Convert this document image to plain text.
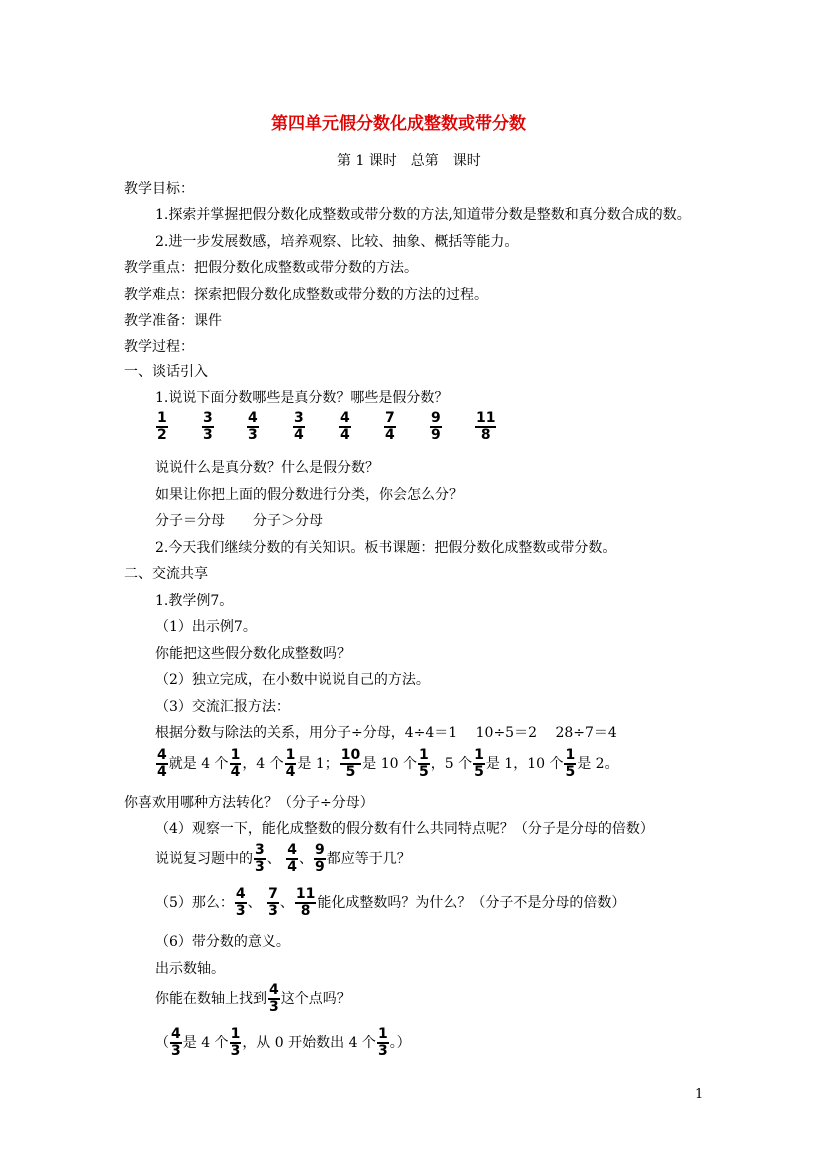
第四单元假分数化成整数或带分数
第 1 课时　总第　课时
教学目标：
1.探索并掌握把假分数化成整数或带分数的方法,知道带分数是整数和真分数合成的数。
2.进一步发展数感，培养观察、比较、抽象、概括等能力。
教学重点：把假分数化成整数或带分数的方法。
教学难点：探索把假分数化成整数或带分数的方法的过程。
教学准备：课件
教学过程：
一、谈话引入
1.说说下面分数哪些是真分数？哪些是假分数？
$\frac{1}{2} \frac{3}{3} \frac{4}{3} \frac{3}{4} \frac{4}{4} \frac{7}{4} \frac{9}{9} \frac{11}{8}$
说说什么是真分数？什么是假分数？
如果让你把上面的假分数进行分类，你会怎么分？
分子＝分母　　分子＞分母
2.今天我们继续分数的有关知识。板书课题：把假分数化成整数或带分数。
二、交流共享
1.教学例7。
（1）出示例7。
你能把这些假分数化成整数吗？
（2）独立完成，在小数中说说自己的方法。
（3）交流汇报方法：
根据分数与除法的关系，用分子÷分母，4÷4＝1　 10÷5＝2　 28÷7＝4
$\frac{4}{4}$ 就是 4 个 $\frac{1}{4}$ ，4 个 $\frac{1}{4}$ 是 1； $\frac{10}{5}$ 是 10 个 $\frac{1}{5}$ ，5 个 $\frac{1}{5}$ 是 1，10 个 $\frac{1}{5}$ 是 2。
你喜欢用哪种方法转化？（分子÷分母）
（4）观察一下，能化成整数的假分数有什么共同特点呢？（分子是分母的倍数）
说说复习题中的 $\frac{3}{3}$ 、 $\frac{4}{4}$ 、 $\frac{9}{9}$ 都应等于几？
（5）那么： $\frac{4}{3}$ 、 $\frac{7}{3}$ 、 $\frac{11}{8}$ 能化成整数吗？为什么？（分子不是分母的倍数）
（6）带分数的意义。
出示数轴。
你能在数轴上找到 $\frac{4}{3}$ 这个点吗？
（ $\frac{4}{3}$ 是 4 个 $\frac{1}{3}$ ，从 0 开始数出 4 个 $\frac{1}{3}$ 。）
1
